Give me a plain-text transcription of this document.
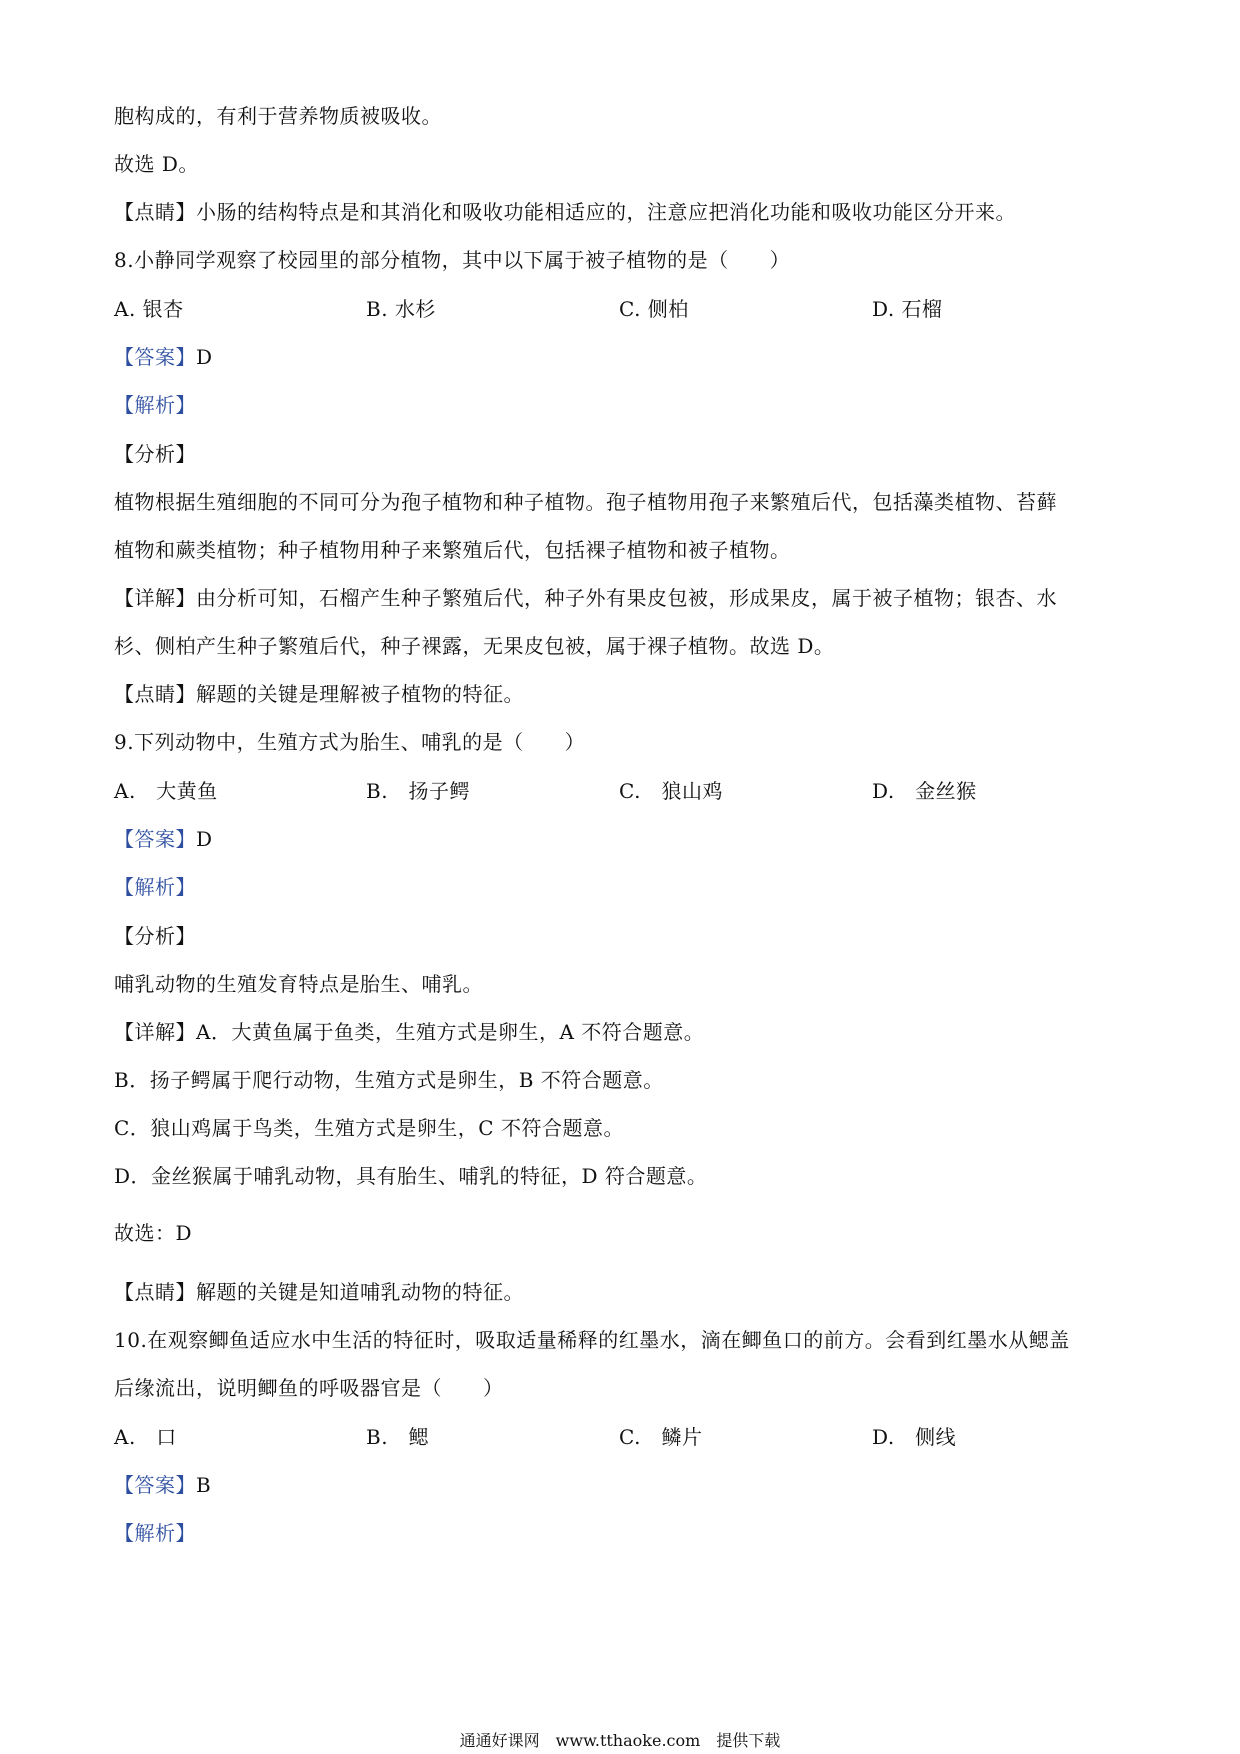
胞构成的，有利于营养物质被吸收。
故选 D。
【点睛】小肠的结构特点是和其消化和吸收功能相适应的，注意应把消化功能和吸收功能区分开来。
8.小静同学观察了校园里的部分植物，其中以下属于被子植物的是（　　）
A. 银杏	B. 水杉	C. 侧柏	D. 石榴
【答案】D
【解析】
【分析】
植物根据生殖细胞的不同可分为孢子植物和种子植物。孢子植物用孢子来繁殖后代，包括藻类植物、苔藓
植物和蕨类植物；种子植物用种子来繁殖后代，包括裸子植物和被子植物。
【详解】由分析可知，石榴产生种子繁殖后代，种子外有果皮包被，形成果皮，属于被子植物；银杏、水
杉、侧柏产生种子繁殖后代，种子裸露，无果皮包被，属于裸子植物。故选 D。
【点睛】解题的关键是理解被子植物的特征。
9.下列动物中，生殖方式为胎生、哺乳的是（　　）
A.　大黄鱼	B.　扬子鳄	C.　狼山鸡	D.　金丝猴
【答案】D
【解析】
【分析】
哺乳动物的生殖发育特点是胎生、哺乳。
【详解】A．大黄鱼属于鱼类，生殖方式是卵生，A 不符合题意。
B．扬子鳄属于爬行动物，生殖方式是卵生，B 不符合题意。
C．狼山鸡属于鸟类，生殖方式是卵生，C 不符合题意。
D．金丝猴属于哺乳动物，具有胎生、哺乳的特征，D 符合题意。
故选：D
【点睛】解题的关键是知道哺乳动物的特征。
10.在观察鲫鱼适应水中生活的特征时，吸取适量稀释的红墨水，滴在鲫鱼口的前方。会看到红墨水从鳃盖
后缘流出，说明鲫鱼的呼吸器官是（　　）
A.　口	B.　鳃	C.　鳞片	D.　侧线
【答案】B
【解析】
通通好课网　www.tthaoke.com　提供下载
